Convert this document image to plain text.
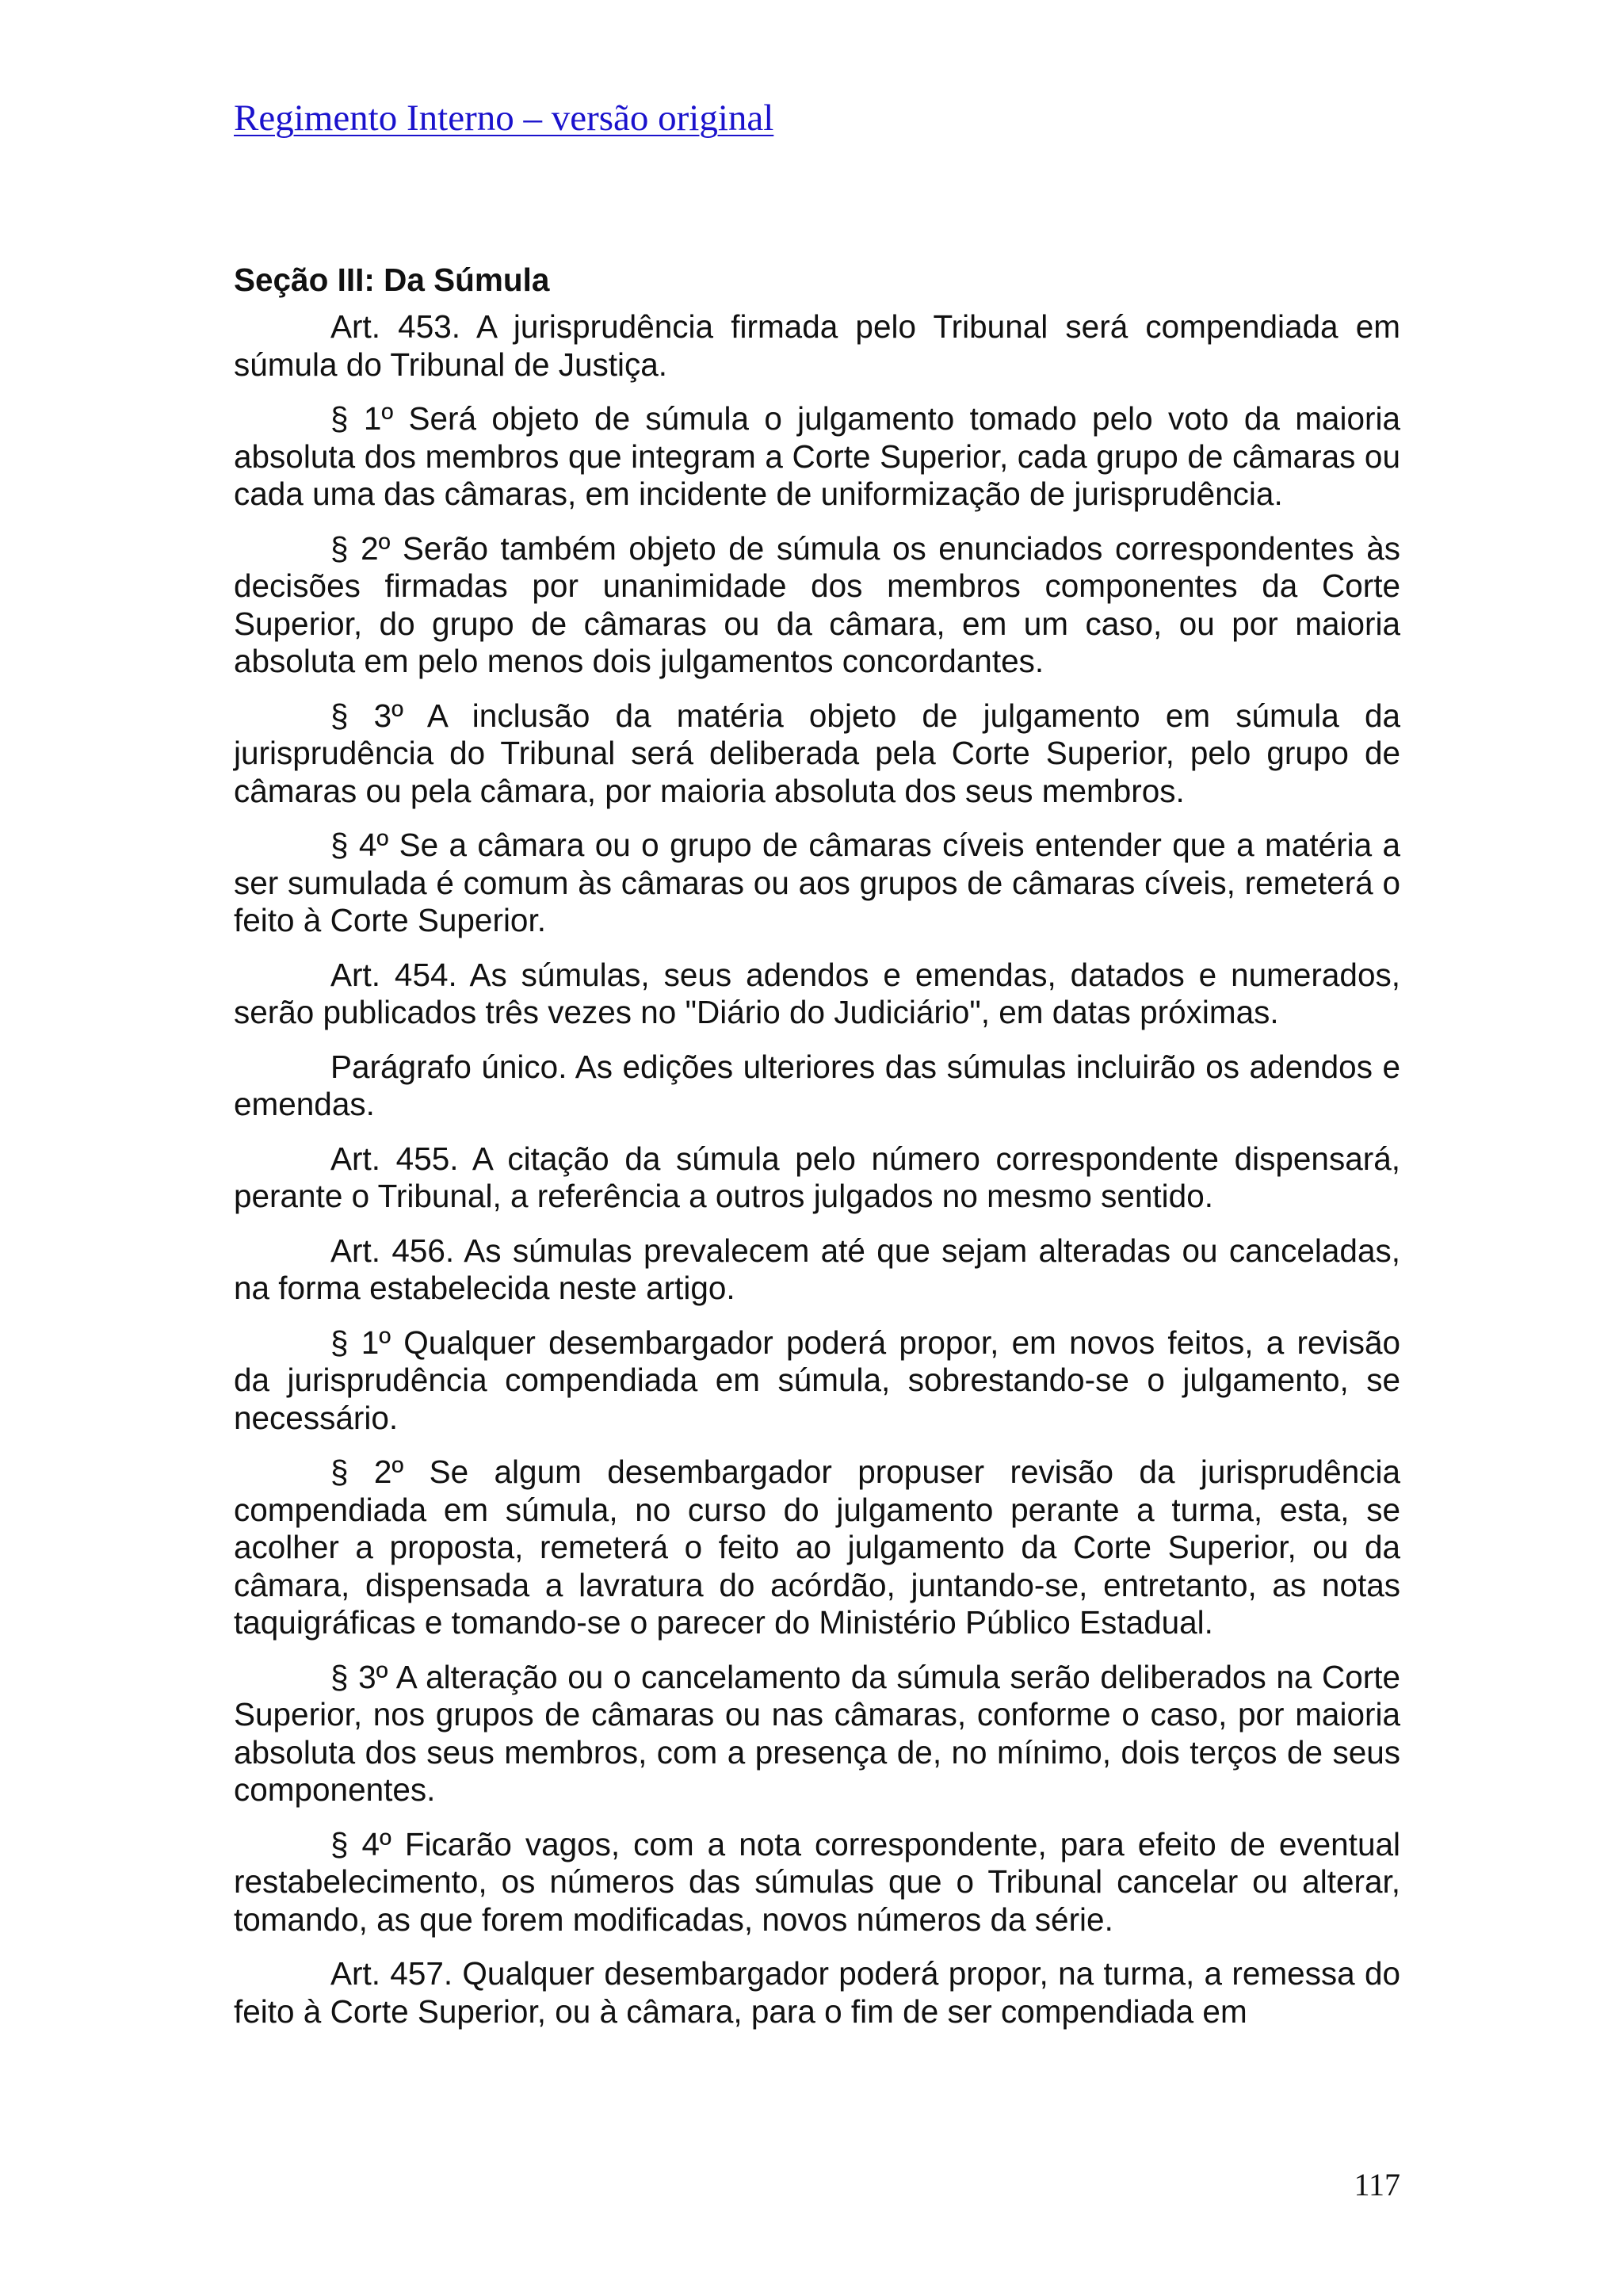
Regimento Interno – versão original
Seção III: Da Súmula

Art. 453. A jurisprudência firmada pelo Tribunal será compendiada em súmula do Tribunal de Justiça.

§ 1º Será objeto de súmula o julgamento tomado pelo voto da maioria absoluta dos membros que integram a Corte Superior, cada grupo de câmaras ou cada uma das câmaras, em incidente de uniformização de jurisprudência.

§ 2º Serão também objeto de súmula os enunciados correspondentes às decisões firmadas por unanimidade dos membros componentes da Corte Superior, do grupo de câmaras ou da câmara, em um caso, ou por maioria absoluta em pelo menos dois julgamentos concordantes.

§ 3º A inclusão da matéria objeto de julgamento em súmula da jurisprudência do Tribunal será deliberada pela Corte Superior, pelo grupo de câmaras ou pela câmara, por maioria absoluta dos seus membros.

§ 4º Se a câmara ou o grupo de câmaras cíveis entender que a matéria a ser sumulada é comum às câmaras ou aos grupos de câmaras cíveis, remeterá o feito à Corte Superior.

Art. 454. As súmulas, seus adendos e emendas, datados e numerados, serão publicados três vezes no "Diário do Judiciário", em datas próximas.

Parágrafo único. As edições ulteriores das súmulas incluirão os adendos e emendas.

Art. 455. A citação da súmula pelo número correspondente dispensará, perante o Tribunal, a referência a outros julgados no mesmo sentido.

Art. 456. As súmulas prevalecem até que sejam alteradas ou canceladas, na forma estabelecida neste artigo.

§ 1º Qualquer desembargador poderá propor, em novos feitos, a revisão da jurisprudência compendiada em súmula, sobrestando-se o julgamento, se necessário.

§ 2º Se algum desembargador propuser revisão da jurisprudência compendiada em súmula, no curso do julgamento perante a turma, esta, se acolher a proposta, remeterá o feito ao julgamento da Corte Superior, ou da câmara, dispensada a lavratura do acórdão, juntando-se, entretanto, as notas taquigráficas e tomando-se o parecer do Ministério Público Estadual.

§ 3º A alteração ou o cancelamento da súmula serão deliberados na Corte Superior, nos grupos de câmaras ou nas câmaras, conforme o caso, por maioria absoluta dos seus membros, com a presença de, no mínimo, dois terços de seus componentes.

§ 4º Ficarão vagos, com a nota correspondente, para efeito de eventual restabelecimento, os números das súmulas que o Tribunal cancelar ou alterar, tomando, as que forem modificadas, novos números da série.

Art. 457. Qualquer desembargador poderá propor, na turma, a remessa do feito à Corte Superior, ou à câmara, para o fim de ser compendiada em

117
